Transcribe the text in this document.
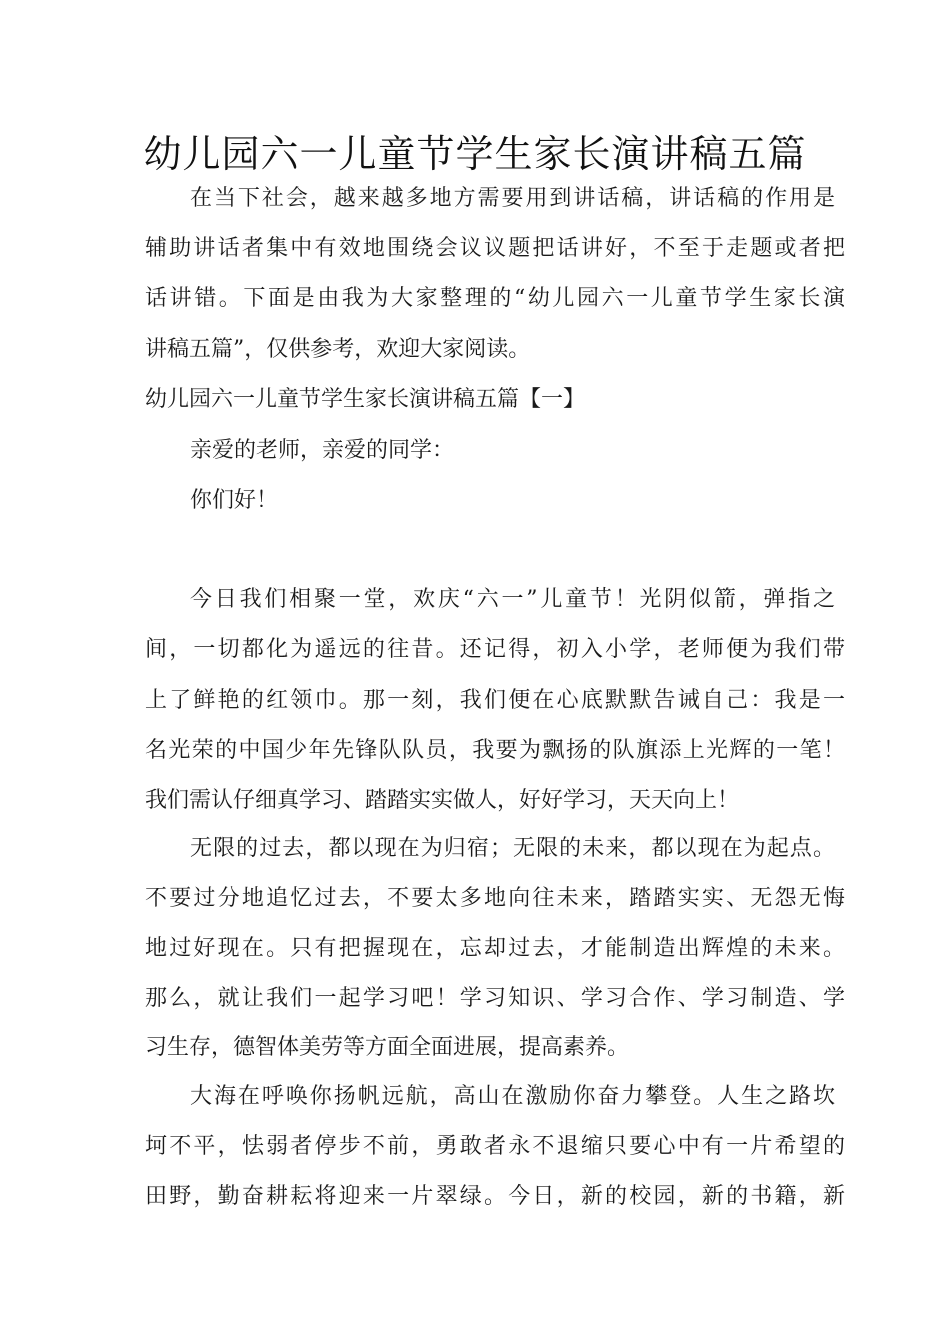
幼儿园六一儿童节学生家长演讲稿五篇
在当下社会，越来越多地方需要用到讲话稿，讲话稿的作用是
辅助讲话者集中有效地围绕会议议题把话讲好，不至于走题或者把
话讲错。下面是由我为大家整理的“幼儿园六一儿童节学生家长演
讲稿五篇”，仅供参考，欢迎大家阅读。
幼儿园六一儿童节学生家长演讲稿五篇【一】
亲爱的老师，亲爱的同学：
你们好！
今日我们相聚一堂，欢庆“六一”儿童节！光阴似箭，弹指之
间，一切都化为遥远的往昔。还记得，初入小学，老师便为我们带
上了鲜艳的红领巾。那一刻，我们便在心底默默告诫自己：我是一
名光荣的中国少年先锋队队员，我要为飘扬的队旗添上光辉的一笔！
我们需认仔细真学习、踏踏实实做人，好好学习，天天向上！
无限的过去，都以现在为归宿；无限的未来，都以现在为起点。
不要过分地追忆过去，不要太多地向往未来，踏踏实实、无怨无悔
地过好现在。只有把握现在，忘却过去，才能制造出辉煌的未来。
那么，就让我们一起学习吧！学习知识、学习合作、学习制造、学
习生存，德智体美劳等方面全面进展，提高素养。
大海在呼唤你扬帆远航，高山在激励你奋力攀登。人生之路坎
坷不平，怯弱者停步不前，勇敢者永不退缩只要心中有一片希望的
田野，勤奋耕耘将迎来一片翠绿。今日，新的校园，新的书籍，新
